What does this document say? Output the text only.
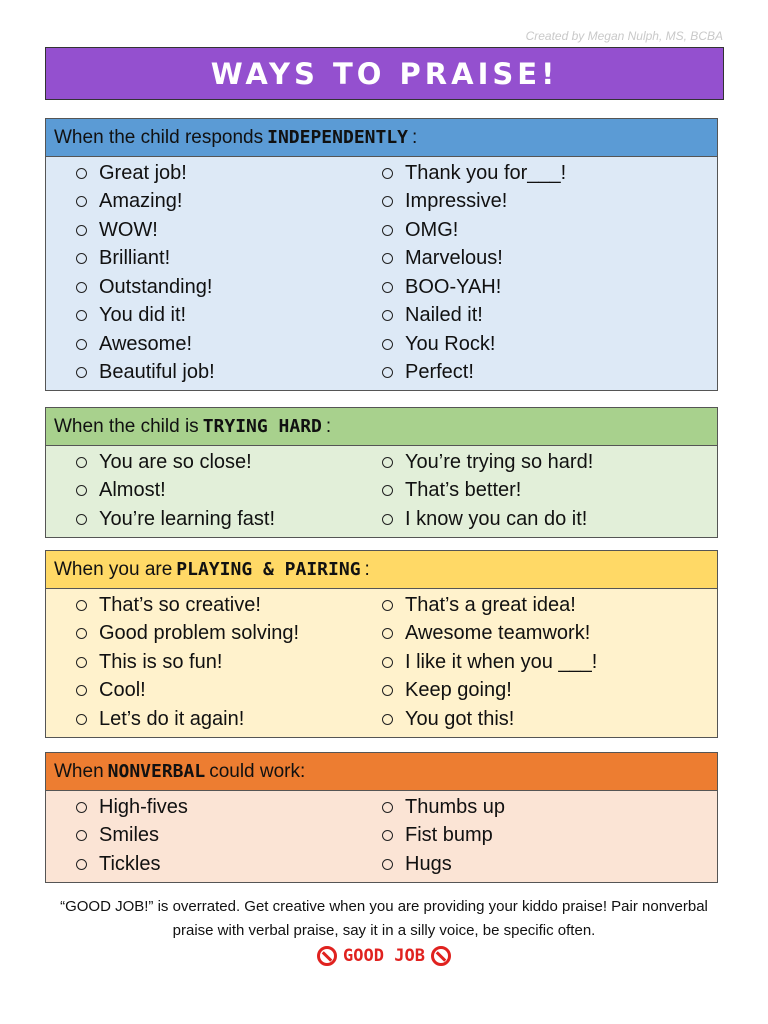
Created by Megan Nulph, MS, BCBA
WAYS TO PRAISE!
When the child responds INDEPENDENTLY :
Great job!
Amazing!
WOW!
Brilliant!
Outstanding!
You did it!
Awesome!
Beautiful job!
Thank you for___!
Impressive!
OMG!
Marvelous!
BOO-YAH!
Nailed it!
You Rock!
Perfect!
When the child is TRYING HARD :
You are so close!
Almost!
You’re learning fast!
You’re trying so hard!
That’s better!
I know you can do it!
When you are PLAYING & PAIRING :
That’s so creative!
Good problem solving!
This is so fun!
Cool!
Let’s do it again!
That’s a great idea!
Awesome teamwork!
I like it when you ___!
Keep going!
You got this!
When NONVERBAL could work:
High-fives
Smiles
Tickles
Thumbs up
Fist bump
Hugs
“GOOD JOB!” is overrated. Get creative when you are providing your kiddo praise! Pair nonverbal praise with verbal praise, say it in a silly voice, be specific often.
GOOD JOB
